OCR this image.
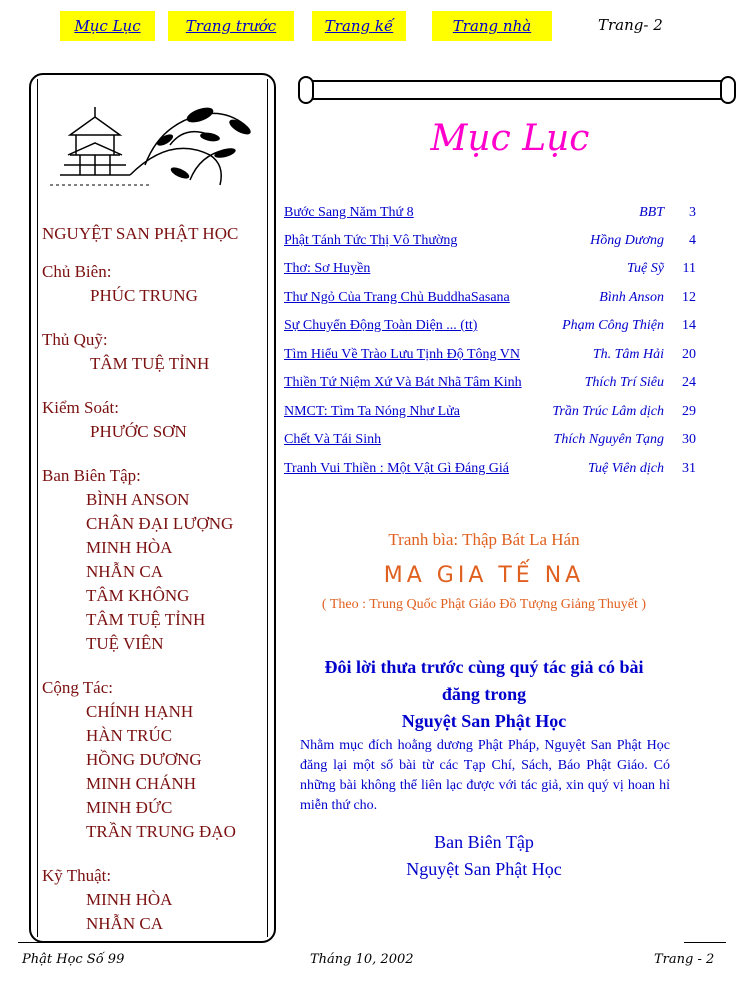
Mục Lục	Trang trước	Trang kế	Trang nhà	Trang- 2
NGUYỆT SAN PHẬT HỌC
Chủ Biên:
PHÚC TRUNG
Thủ Quỹ:
TÂM TUỆ TỈNH
Kiểm Soát:
PHƯỚC SƠN
Ban Biên Tập:
BÌNH ANSON
CHÂN ĐẠI LƯỢNG
MINH HÒA
NHẪN CA
TÂM KHÔNG
TÂM TUỆ TỈNH
TUỆ VIÊN
Cộng Tác:
CHÍNH HẠNH
HÀN TRÚC
HỒNG DƯƠNG
MINH CHÁNH
MINH ĐỨC
TRẦN TRUNG ĐẠO
Kỹ Thuật:
MINH HÒA
NHẪN CA
Mục Lục
Bước Sang Năm Thứ 8	BBT	3
Phật Tánh Tức Thị Vô Thường	Hồng Dương	4
Thơ: Sơ Huyền	Tuệ Sỹ	11
Thư Ngỏ Của Trang Chủ BuddhaSasana	Bình Anson	12
Sự Chuyển Động Toàn Diện ... (tt)	Phạm Công Thiện	14
Tìm Hiểu Về Trào Lưu Tịnh Độ Tông VN	Th. Tâm Hải	20
Thiền Tứ Niệm Xứ Và Bát Nhã Tâm Kinh	Thích Trí Siêu	24
NMCT: Tìm Ta Nóng Như Lửa	Trần Trúc Lâm dịch	29
Chết Và Tái Sinh	Thích Nguyên Tạng	30
Tranh Vui Thiền : Một Vật Gì Đáng Giá	Tuệ Viên dịch	31
Tranh bìa: Thập Bát La Hán
MA GIA TẾ NA
( Theo : Trung Quốc Phật Giáo Đồ Tượng Giảng Thuyết )
Đôi lời thưa trước cùng quý tác giả có bài
đăng trong
Nguyệt San Phật Học
Nhằm mục đích hoằng dương Phật Pháp, Nguyệt San Phật Học đăng lại một số bài từ các Tạp Chí, Sách, Báo Phật Giáo. Có những bài không thể liên lạc được với tác giả, xin quý vị hoan hỉ miễn thứ cho.
Ban Biên Tập
Nguyệt San Phật Học
Phật Học Số 99	Tháng 10, 2002	Trang - 2
